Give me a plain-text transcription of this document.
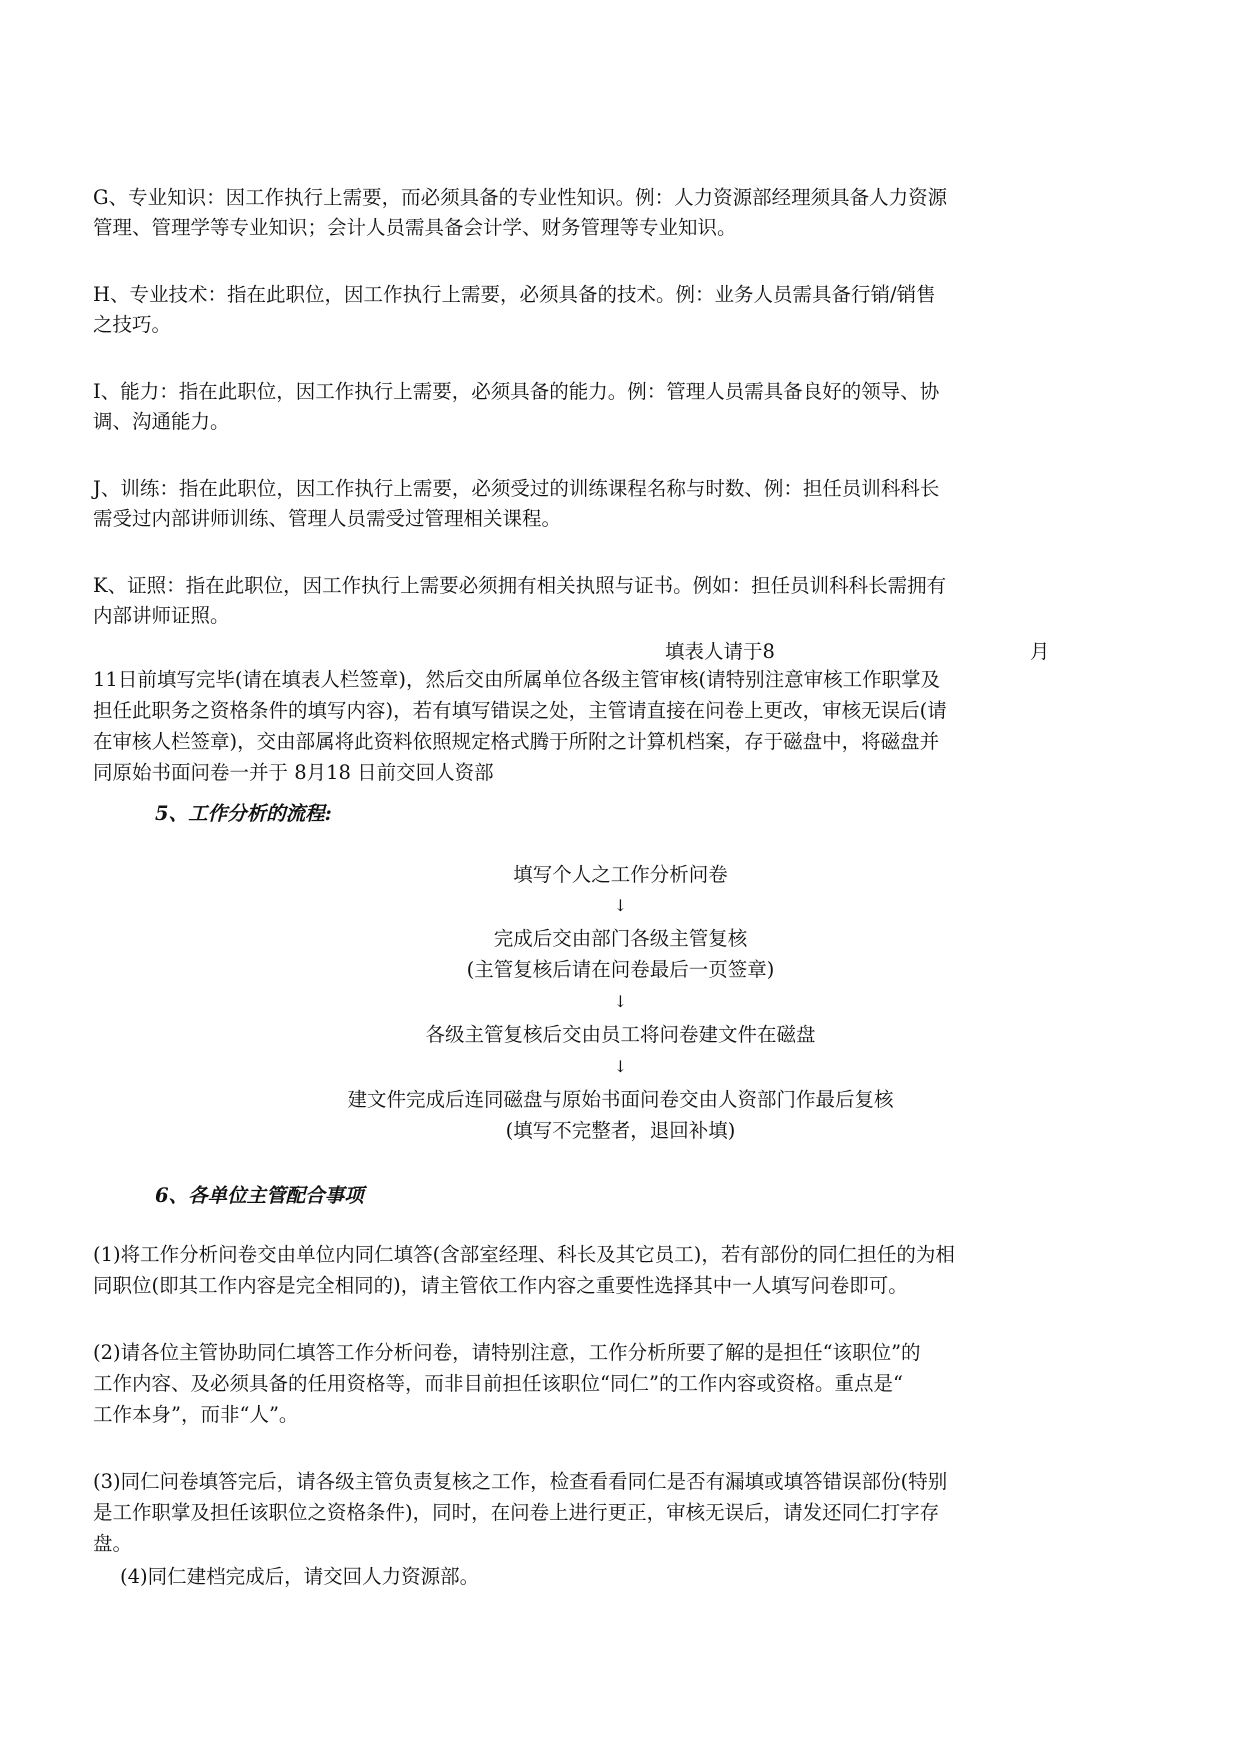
G、专业知识：因工作执行上需要，而必须具备的专业性知识。例：人力资源部经理须具备人力资源
管理、管理学等专业知识；会计人员需具备会计学、财务管理等专业知识。
H、专业技术：指在此职位，因工作执行上需要，必须具备的技术。例：业务人员需具备行销/销售
之技巧。
I、能力：指在此职位，因工作执行上需要，必须具备的能力。例：管理人员需具备良好的领导、协
调、沟通能力。
J、训练：指在此职位，因工作执行上需要，必须受过的训练课程名称与时数、例：担任员训科科长
需受过内部讲师训练、管理人员需受过管理相关课程。
K、证照：指在此职位，因工作执行上需要必须拥有相关执照与证书。例如：担任员训科科长需拥有
内部讲师证照。
填表人请于8	月
11日前填写完毕(请在填表人栏签章)，然后交由所属单位各级主管审核(请特别注意审核工作职掌及
担任此职务之资格条件的填写内容)，若有填写错误之处，主管请直接在问卷上更改，审核无误后(请
在审核人栏签章)，交由部属将此资料依照规定格式腾于所附之计算机档案，存于磁盘中，将磁盘并
同原始书面问卷一并于 8月18 日前交回人资部
5、工作分析的流程:
填写个人之工作分析问卷
↓
完成后交由部门各级主管复核
(主管复核后请在问卷最后一页签章)
↓
各级主管复核后交由员工将问卷建文件在磁盘
↓
建文件完成后连同磁盘与原始书面问卷交由人资部门作最后复核
(填写不完整者，退回补填)
6、各单位主管配合事项
(1)将工作分析问卷交由单位内同仁填答(含部室经理、科长及其它员工)，若有部份的同仁担任的为相
同职位(即其工作内容是完全相同的)，请主管依工作内容之重要性选择其中一人填写问卷即可。
(2)请各位主管协助同仁填答工作分析问卷，请特别注意，工作分析所要了解的是担任“该职位”的
工作内容、及必须具备的任用资格等，而非目前担任该职位“同仁”的工作内容或资格。重点是“
工作本身”，而非“人”。
(3)同仁问卷填答完后，请各级主管负责复核之工作，检查看看同仁是否有漏填或填答错误部份(特别
是工作职掌及担任该职位之资格条件)，同时，在问卷上进行更正，审核无误后，请发还同仁打字存
盘。
(4)同仁建档完成后，请交回人力资源部。
